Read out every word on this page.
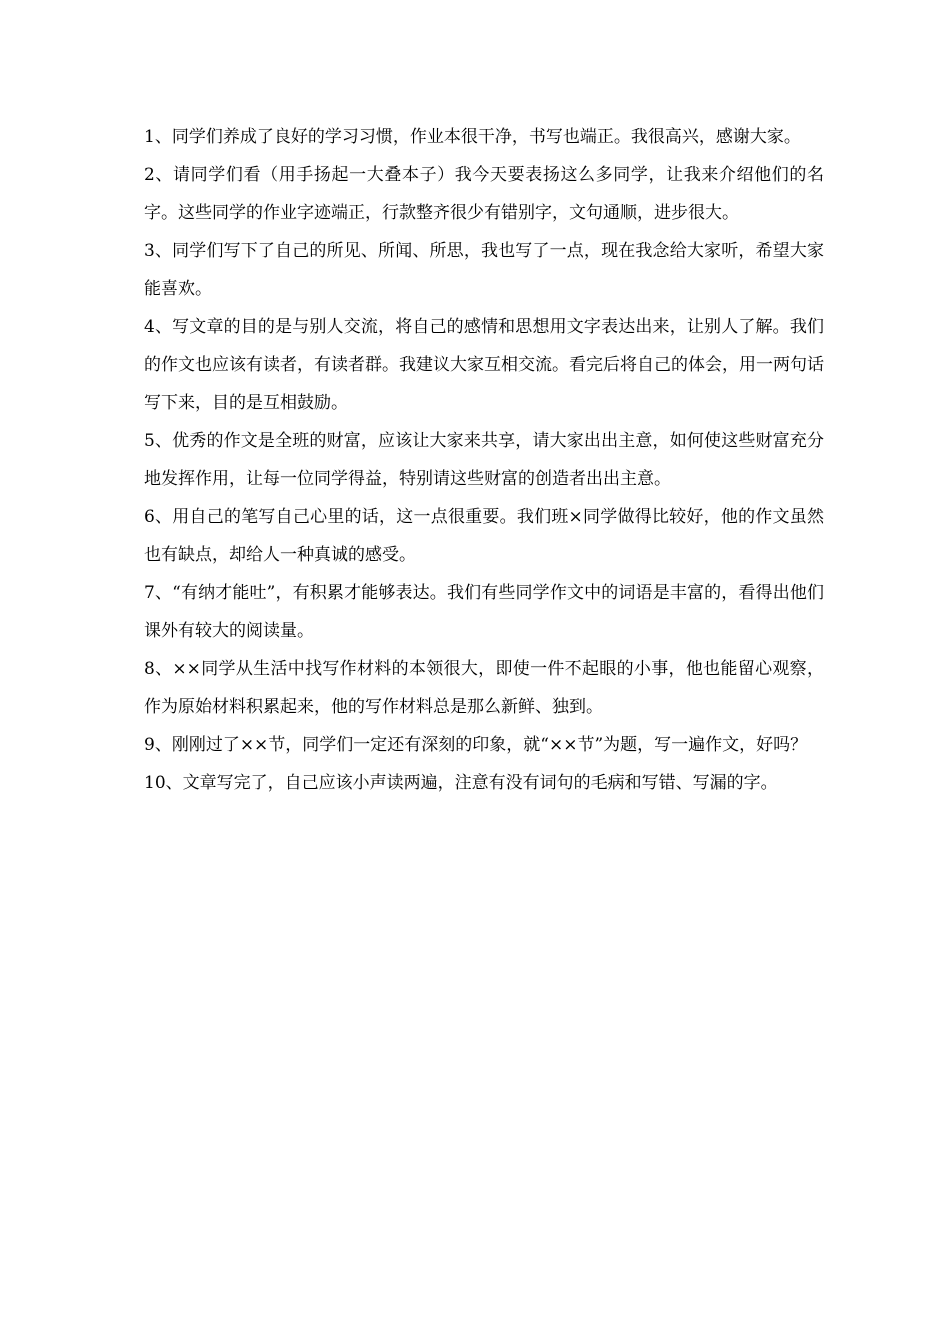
1、同学们养成了良好的学习习惯，作业本很干净，书写也端正。我很高兴，感谢大家。

2、请同学们看（用手扬起一大叠本子）我今天要表扬这么多同学，让我来介绍他们的名字。这些同学的作业字迹端正，行款整齐很少有错别字，文句通顺，进步很大。

3、同学们写下了自己的所见、所闻、所思，我也写了一点，现在我念给大家听，希望大家能喜欢。

4、写文章的目的是与别人交流，将自己的感情和思想用文字表达出来，让别人了解。我们的作文也应该有读者，有读者群。我建议大家互相交流。看完后将自己的体会，用一两句话写下来，目的是互相鼓励。

5、优秀的作文是全班的财富，应该让大家来共享，请大家出出主意，如何使这些财富充分地发挥作用，让每一位同学得益，特别请这些财富的创造者出出主意。

6、用自己的笔写自己心里的话，这一点很重要。我们班×同学做得比较好，他的作文虽然也有缺点，却给人一种真诚的感受。

7、“有纳才能吐”，有积累才能够表达。我们有些同学作文中的词语是丰富的，看得出他们课外有较大的阅读量。

8、××同学从生活中找写作材料的本领很大，即使一件不起眼的小事，他也能留心观察，作为原始材料积累起来，他的写作材料总是那么新鲜、独到。

9、刚刚过了××节，同学们一定还有深刻的印象，就“××节”为题，写一遍作文，好吗？

10、文章写完了，自己应该小声读两遍，注意有没有词句的毛病和写错、写漏的字。
